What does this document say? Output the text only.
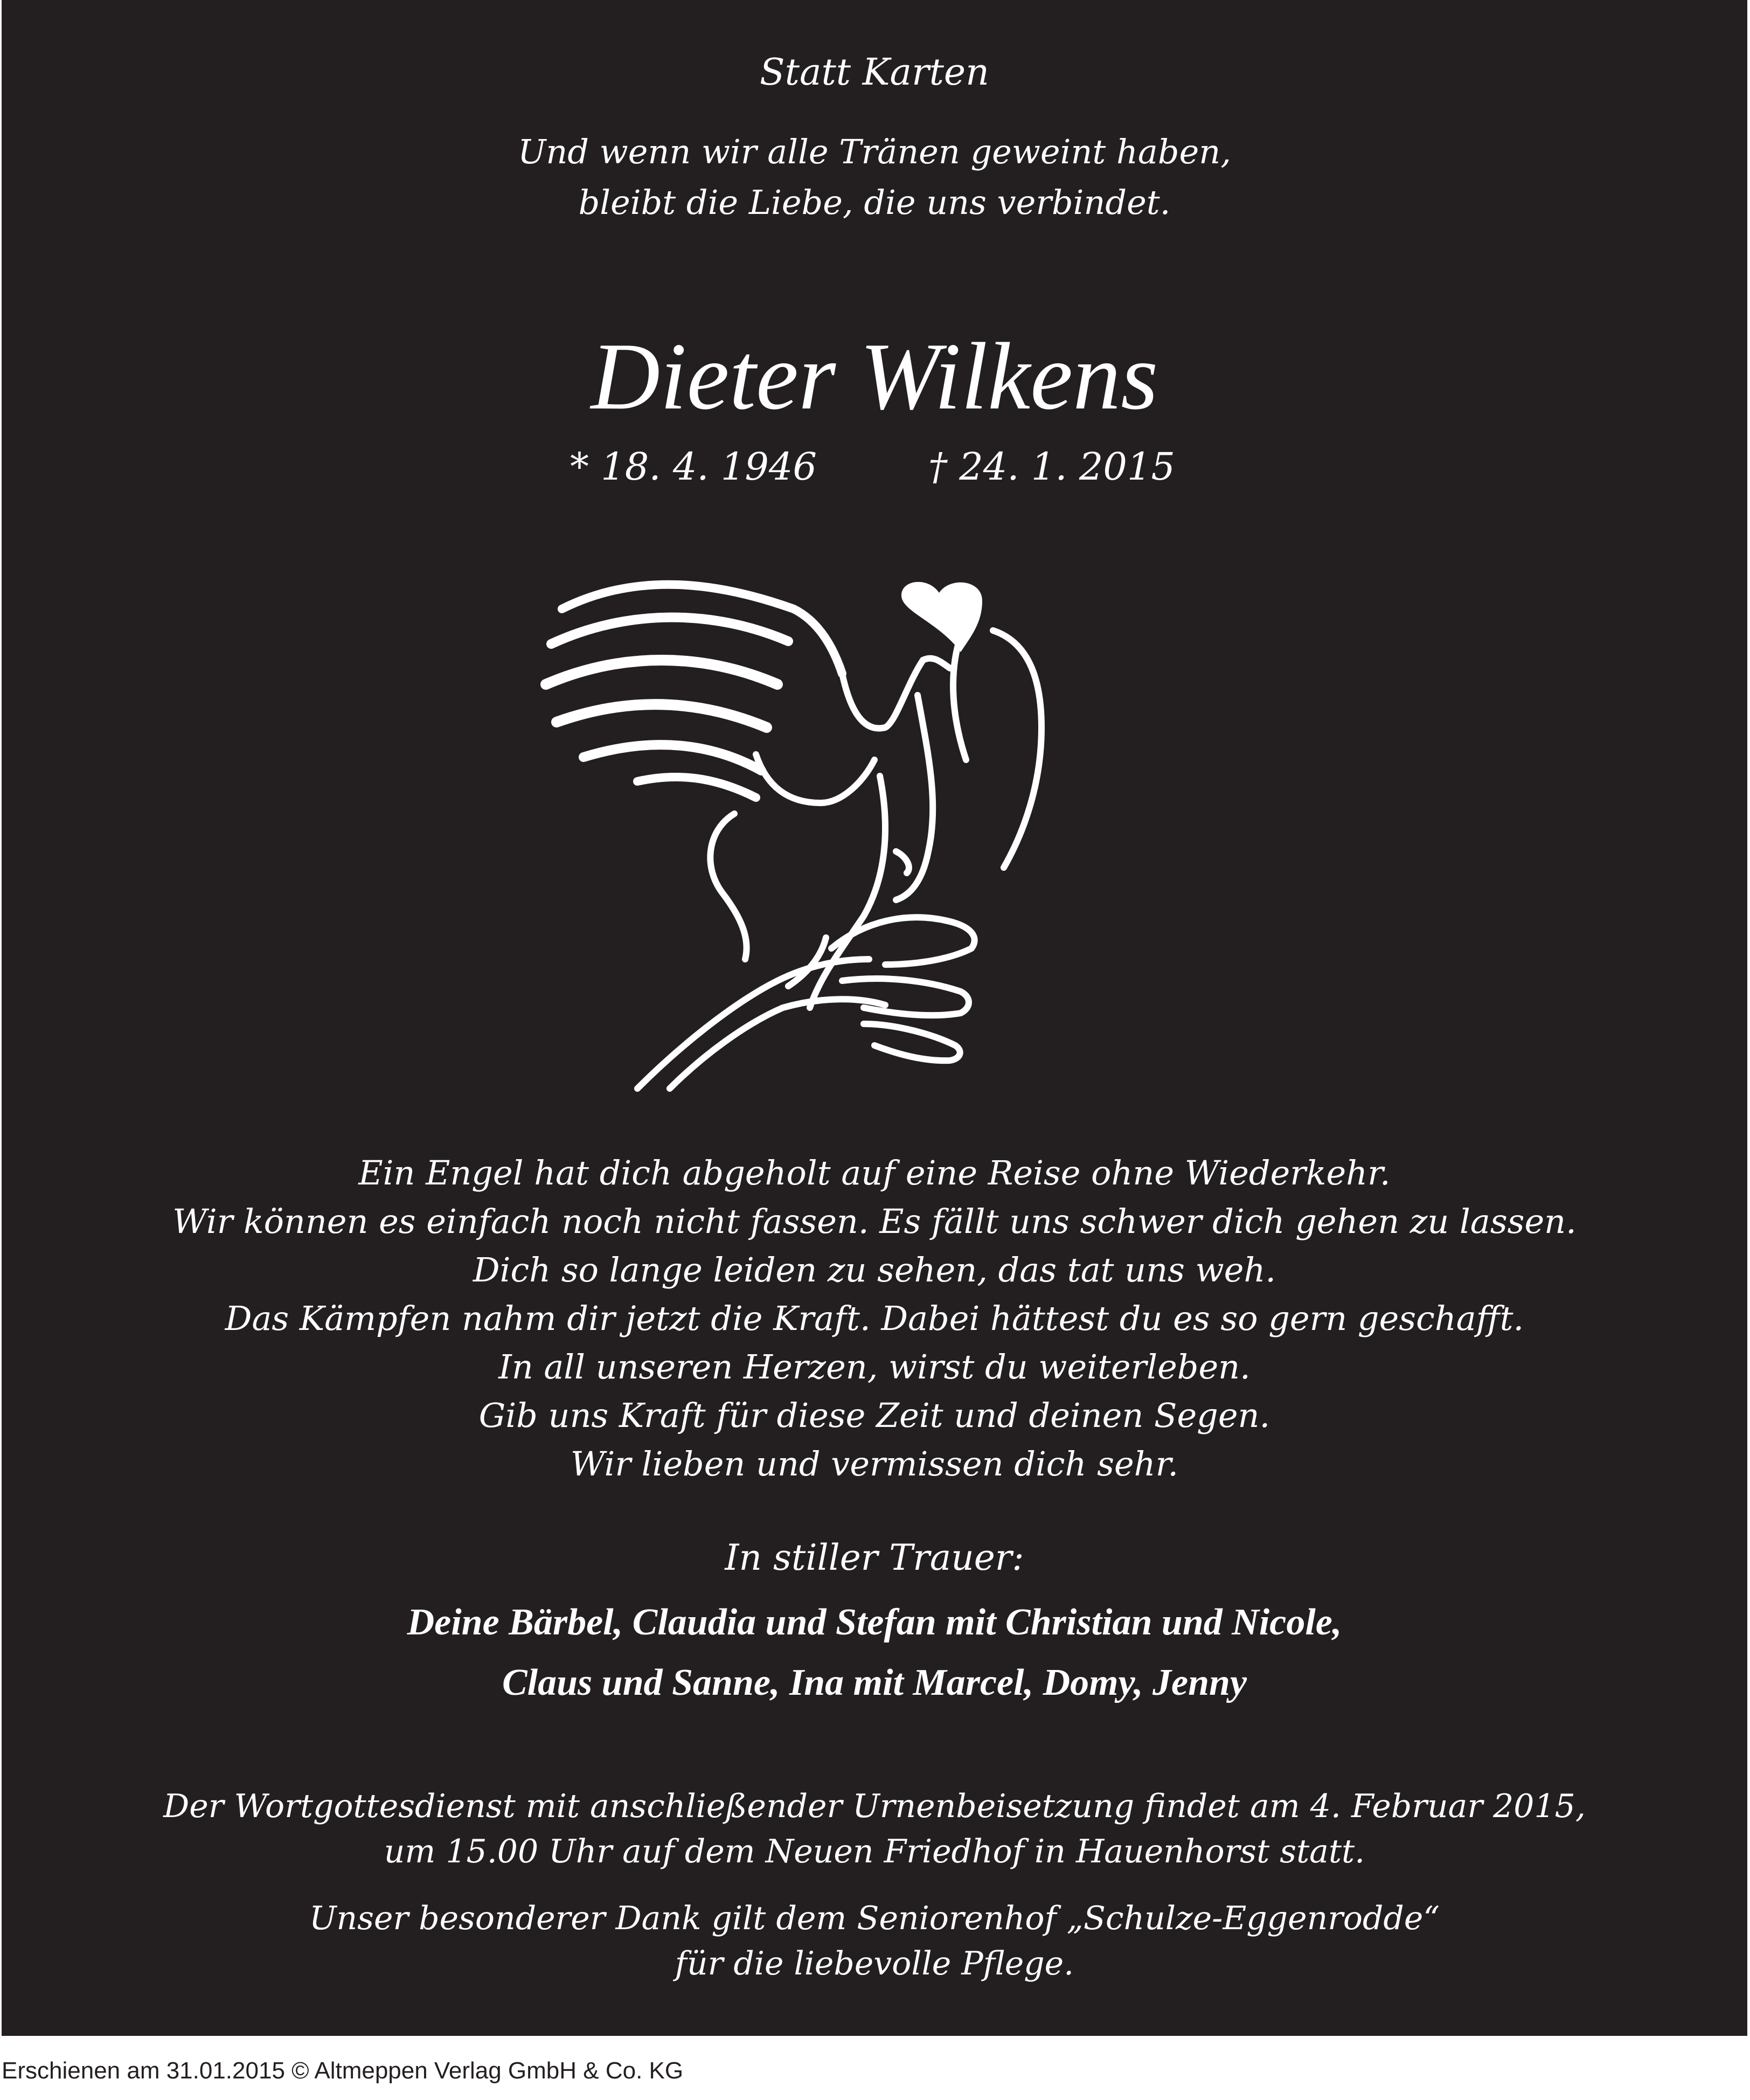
Statt Karten
Und wenn wir alle Tränen geweint haben,
bleibt die Liebe, die uns verbindet.
Dieter Wilkens
* 18. 4. 1946	† 24. 1. 2015
Ein Engel hat dich abgeholt auf eine Reise ohne Wiederkehr.
Wir können es einfach noch nicht fassen. Es fällt uns schwer dich gehen zu lassen.
Dich so lange leiden zu sehen, das tat uns weh.
Das Kämpfen nahm dir jetzt die Kraft. Dabei hättest du es so gern geschafft.
In all unseren Herzen, wirst du weiterleben.
Gib uns Kraft für diese Zeit und deinen Segen.
Wir lieben und vermissen dich sehr.
In stiller Trauer:
Deine Bärbel, Claudia und Stefan mit Christian und Nicole,
Claus und Sanne, Ina mit Marcel, Domy, Jenny
Der Wortgottesdienst mit anschließender Urnenbeisetzung findet am 4. Februar 2015,
um 15.00 Uhr auf dem Neuen Friedhof in Hauenhorst statt.
Unser besonderer Dank gilt dem Seniorenhof „Schulze-Eggenrodde“
für die liebevolle Pflege.
Erschienen am 31.01.2015 © Altmeppen Verlag GmbH & Co. KG
